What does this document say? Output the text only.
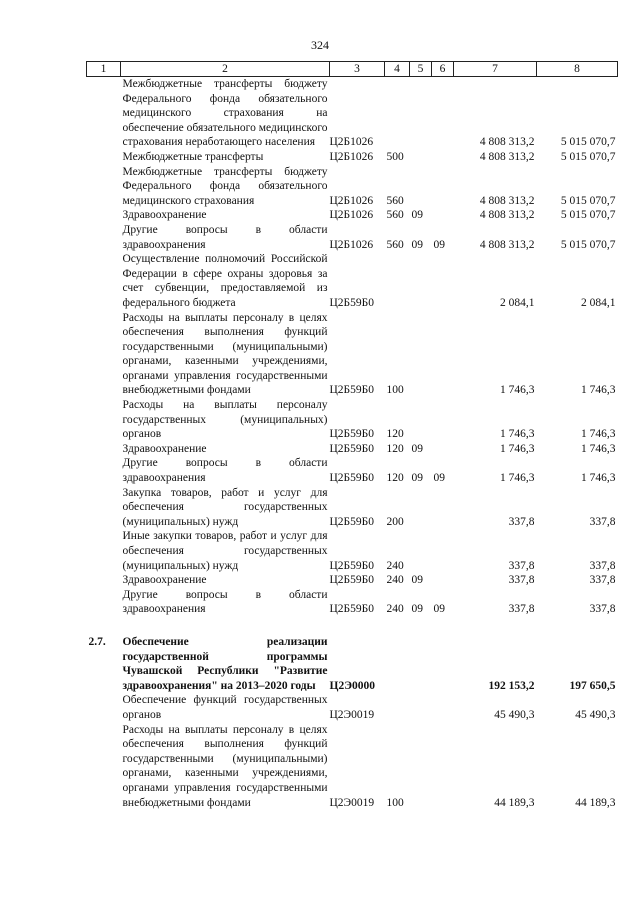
324
1	2	3	4	5	6	7	8
	Межбюджетные трансферты бюджету Федерального фонда обязательного медицинского страхования на обеспечение обязательного медицинского страхования неработающего населения	Ц2Б1026				4 808 313,2	5 015 070,7
	Межбюджетные трансферты	Ц2Б1026	500			4 808 313,2	5 015 070,7
	Межбюджетные трансферты бюджету Федерального фонда обязательного медицинского страхования	Ц2Б1026	560			4 808 313,2	5 015 070,7
	Здравоохранение	Ц2Б1026	560	09		4 808 313,2	5 015 070,7
	Другие вопросы в области здравоохранения	Ц2Б1026	560	09	09	4 808 313,2	5 015 070,7
	Осуществление полномочий Российской Федерации в сфере охраны здоровья за счет субвенции, предоставляемой из федерального бюджета	Ц2Б59Б0				2 084,1	2 084,1
	Расходы на выплаты персоналу в целях обеспечения выполнения функций государственными (муниципальными) органами, казенными учреждениями, органами управления государственными внебюджетными фондами	Ц2Б59Б0	100			1 746,3	1 746,3
	Расходы на выплаты персоналу государственных (муниципальных) органов	Ц2Б59Б0	120			1 746,3	1 746,3
	Здравоохранение	Ц2Б59Б0	120	09		1 746,3	1 746,3
	Другие вопросы в области здравоохранения	Ц2Б59Б0	120	09	09	1 746,3	1 746,3
	Закупка товаров, работ и услуг для обеспечения государственных (муниципальных) нужд	Ц2Б59Б0	200			337,8	337,8
	Иные закупки товаров, работ и услуг для обеспечения государственных (муниципальных) нужд	Ц2Б59Б0	240			337,8	337,8
	Здравоохранение	Ц2Б59Б0	240	09		337,8	337,8
	Другие вопросы в области здравоохранения	Ц2Б59Б0	240	09	09	337,8	337,8

2.7.	Обеспечение реализации государственной программы Чувашской Республики "Развитие здравоохранения" на 2013–2020 годы	Ц2Э0000				192 153,2	197 650,5
	Обеспечение функций государственных органов	Ц2Э0019				45 490,3	45 490,3
	Расходы на выплаты персоналу в целях обеспечения выполнения функций государственными (муниципальными) органами, казенными учреждениями, органами управления государственными внебюджетными фондами	Ц2Э0019	100			44 189,3	44 189,3
